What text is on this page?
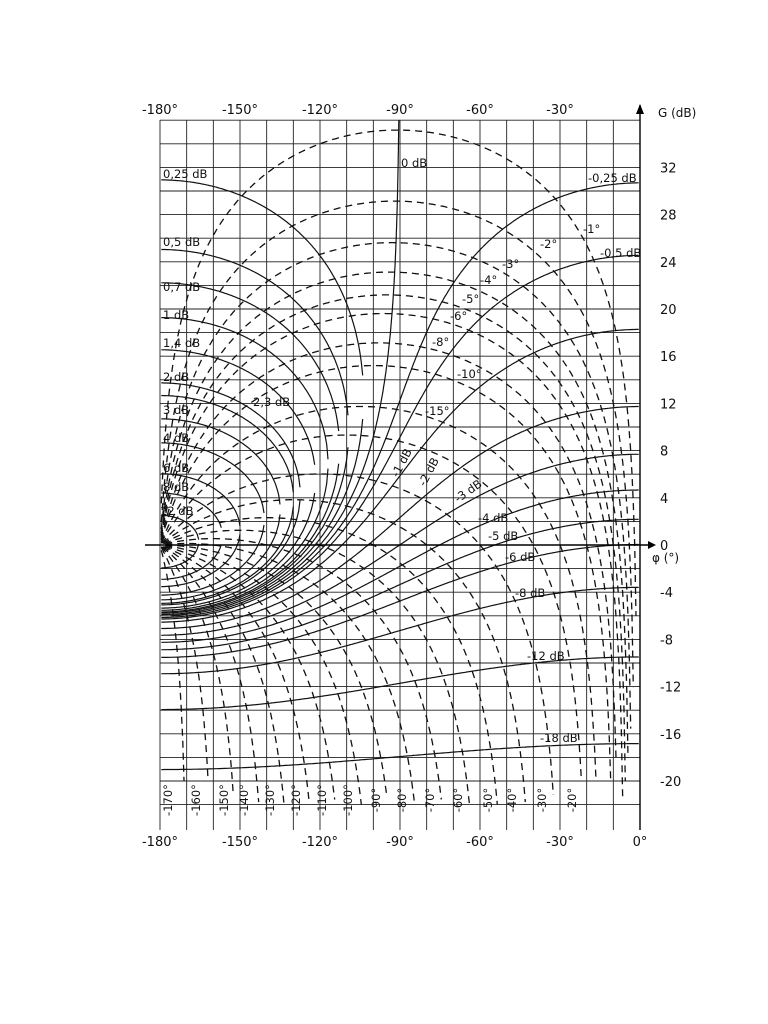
0 dB
0,25 dB
0,5 dB
0,7 dB
1 dB
1,4 dB
2 dB
2,3 dB
3 dB
4 dB
6 dB
8 dB
12 dB
-0,25 dB
-0,5 dB
-1 dB -2 dB
-3 dB
-4 dB
-5 dB
-6 dB
-8 dB
-12 dB
-18 dB
-1°
-2°
-3°
-4°
-5°
-6°
-8°
-10°
-15°
-170° -160° -150° -140° -130° -120° -110° -100° -90° -80° -70° -60° -50° -40° -30° -20°
-180°	-150°	-120°	-90°	-60°	-30°
-180°	-150°	-120°	-90°	-60°	-30°	0°
32
28
24
20
16
12
8
4
0
-4
-8
-12
-16
-20
G (dB)
φ (°)
